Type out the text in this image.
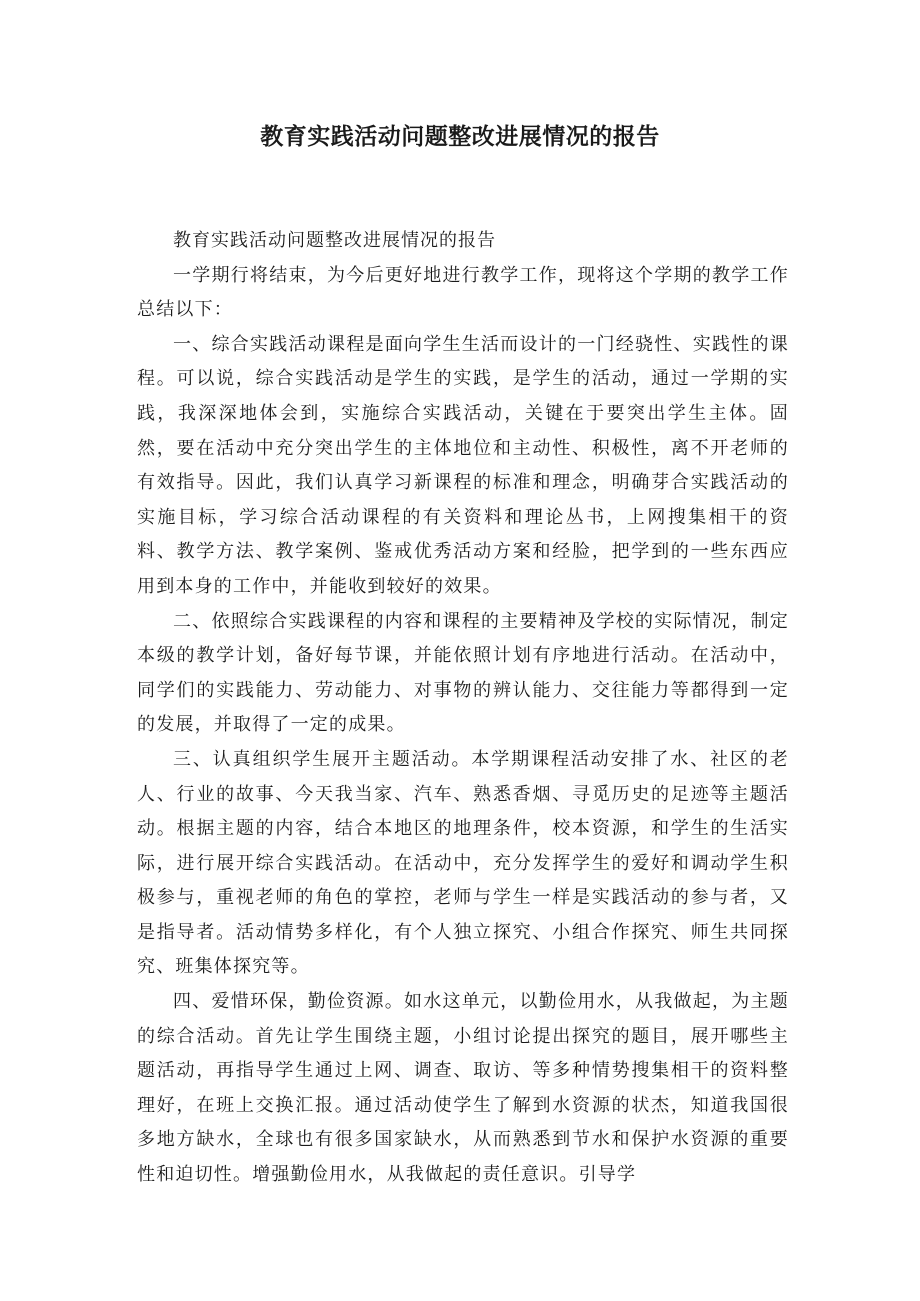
教育实践活动问题整改进展情况的报告

教育实践活动问题整改进展情况的报告

一学期行将结束，为今后更好地进行教学工作，现将这个学期的教学工作总结以下：

一、综合实践活动课程是面向学生生活而设计的一门经骁性、实践性的课程。可以说，综合实践活动是学生的实践，是学生的活动，通过一学期的实践，我深深地体会到，实施综合实践活动，关键在于要突出学生主体。固然，要在活动中充分突出学生的主体地位和主动性、积极性，离不开老师的有效指导。因此，我们认真学习新课程的标准和理念，明确芽合实践活动的实施目标，学习综合活动课程的有关资料和理论丛书，上网搜集相干的资料、教学方法、教学案例、鉴戒优秀活动方案和经脸，把学到的一些东西应用到本身的工作中，并能收到较好的效果。

二、依照综合实践课程的内容和课程的主要精神及学校的实际情况，制定本级的教学计划，备好每节课，并能依照计划有序地进行活动。在活动中，同学们的实践能力、劳动能力、对事物的辨认能力、交往能力等都得到一定的发展，并取得了一定的成果。

三、认真组织学生展开主题活动。本学期课程活动安排了水、社区的老人、行业的故事、今天我当家、汽车、熟悉香烟、寻觅历史的足迹等主题活动。根据主题的内容，结合本地区的地理条件，校本资源，和学生的生活实际，进行展开综合实践活动。在活动中，充分发挥学生的爱好和调动学生积极参与，重视老师的角色的掌控，老师与学生一样是实践活动的参与者，又是指导者。活动情势多样化，有个人独立探究、小组合作探究、师生共同探究、班集体探究等。

四、爱惜环保，勤俭资源。如水这单元，以勤俭用水，从我做起，为主题的综合活动。首先让学生围绕主题，小组讨论提出探究的题目，展开哪些主题活动，再指导学生通过上网、调查、取访、等多种情势搜集相干的资料整理好，在班上交换汇报。通过活动使学生了解到水资源的状杰，知道我国很多地方缺水，全球也有很多国家缺水，从而熟悉到节水和保护水资源的重要性和迫切性。增强勤俭用水，从我做起的责任意识。引导学
